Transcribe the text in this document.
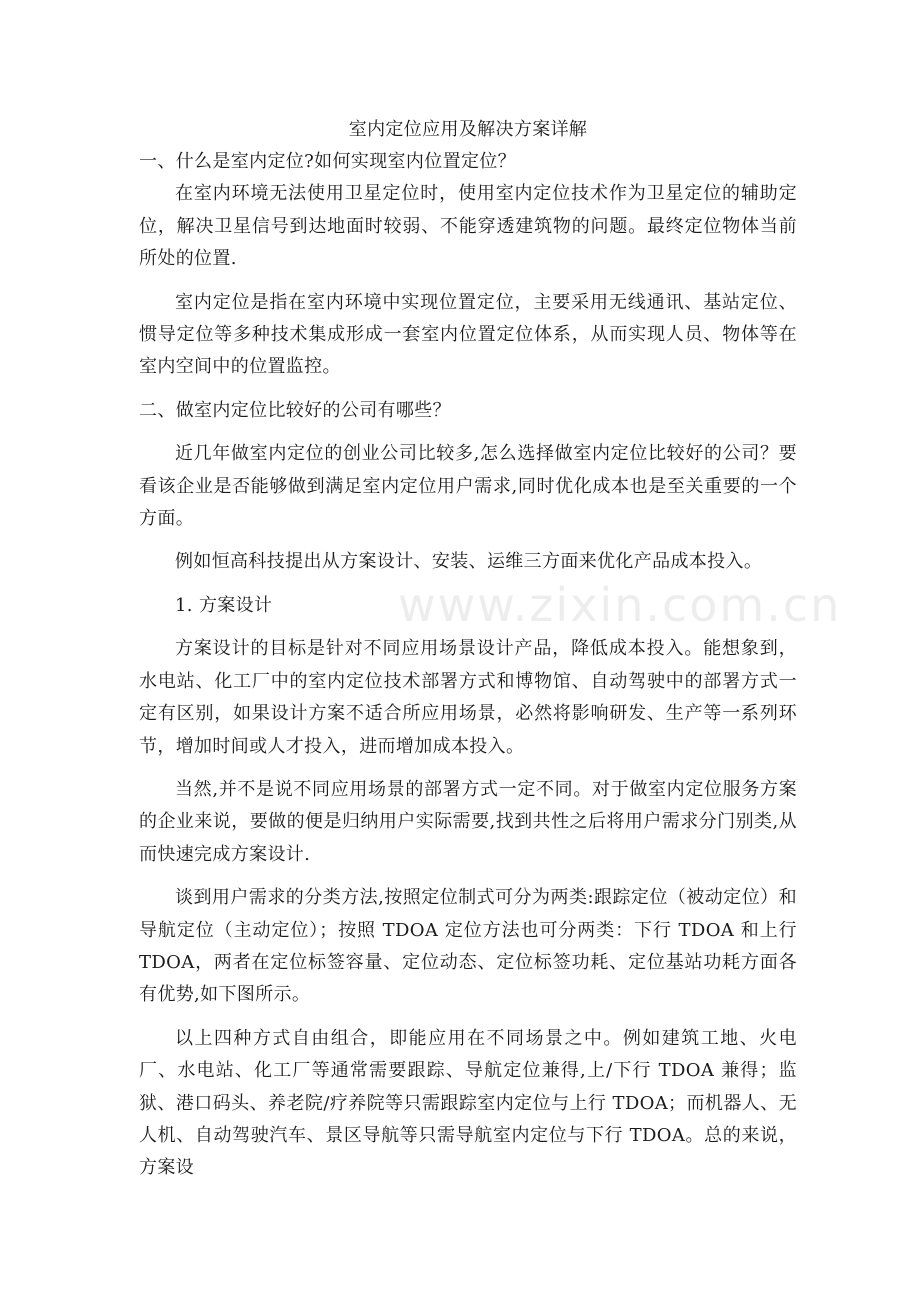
www.zixin.com.cn

室内定位应用及解决方案详解

一、什么是室内定位?如何实现室内位置定位？

在室内环境无法使用卫星定位时，使用室内定位技术作为卫星定位的辅助定位，解决卫星信号到达地面时较弱、不能穿透建筑物的问题。最终定位物体当前所处的位置.

室内定位是指在室内环境中实现位置定位，主要采用无线通讯、基站定位、惯导定位等多种技术集成形成一套室内位置定位体系，从而实现人员、物体等在室内空间中的位置监控。

二、做室内定位比较好的公司有哪些？

近几年做室内定位的创业公司比较多,怎么选择做室内定位比较好的公司？要看该企业是否能够做到满足室内定位用户需求,同时优化成本也是至关重要的一个方面。

例如恒高科技提出从方案设计、安装、运维三方面来优化产品成本投入。

1. 方案设计

方案设计的目标是针对不同应用场景设计产品，降低成本投入。能想象到，水电站、化工厂中的室内定位技术部署方式和博物馆、自动驾驶中的部署方式一定有区别，如果设计方案不适合所应用场景，必然将影响研发、生产等一系列环节，增加时间或人才投入，进而增加成本投入。

当然,并不是说不同应用场景的部署方式一定不同。对于做室内定位服务方案的企业来说，要做的便是归纳用户实际需要,找到共性之后将用户需求分门别类,从而快速完成方案设计.

谈到用户需求的分类方法,按照定位制式可分为两类:跟踪定位（被动定位）和导航定位（主动定位）；按照 TDOA 定位方法也可分两类：下行 TDOA 和上行 TDOA，两者在定位标签容量、定位动态、定位标签功耗、定位基站功耗方面各有优势,如下图所示。

以上四种方式自由组合，即能应用在不同场景之中。例如建筑工地、火电厂、水电站、化工厂等通常需要跟踪、导航定位兼得,上/下行 TDOA 兼得；监狱、港口码头、养老院/疗养院等只需跟踪室内定位与上行 TDOA；而机器人、无人机、自动驾驶汽车、景区导航等只需导航室内定位与下行 TDOA。总的来说，方案设
